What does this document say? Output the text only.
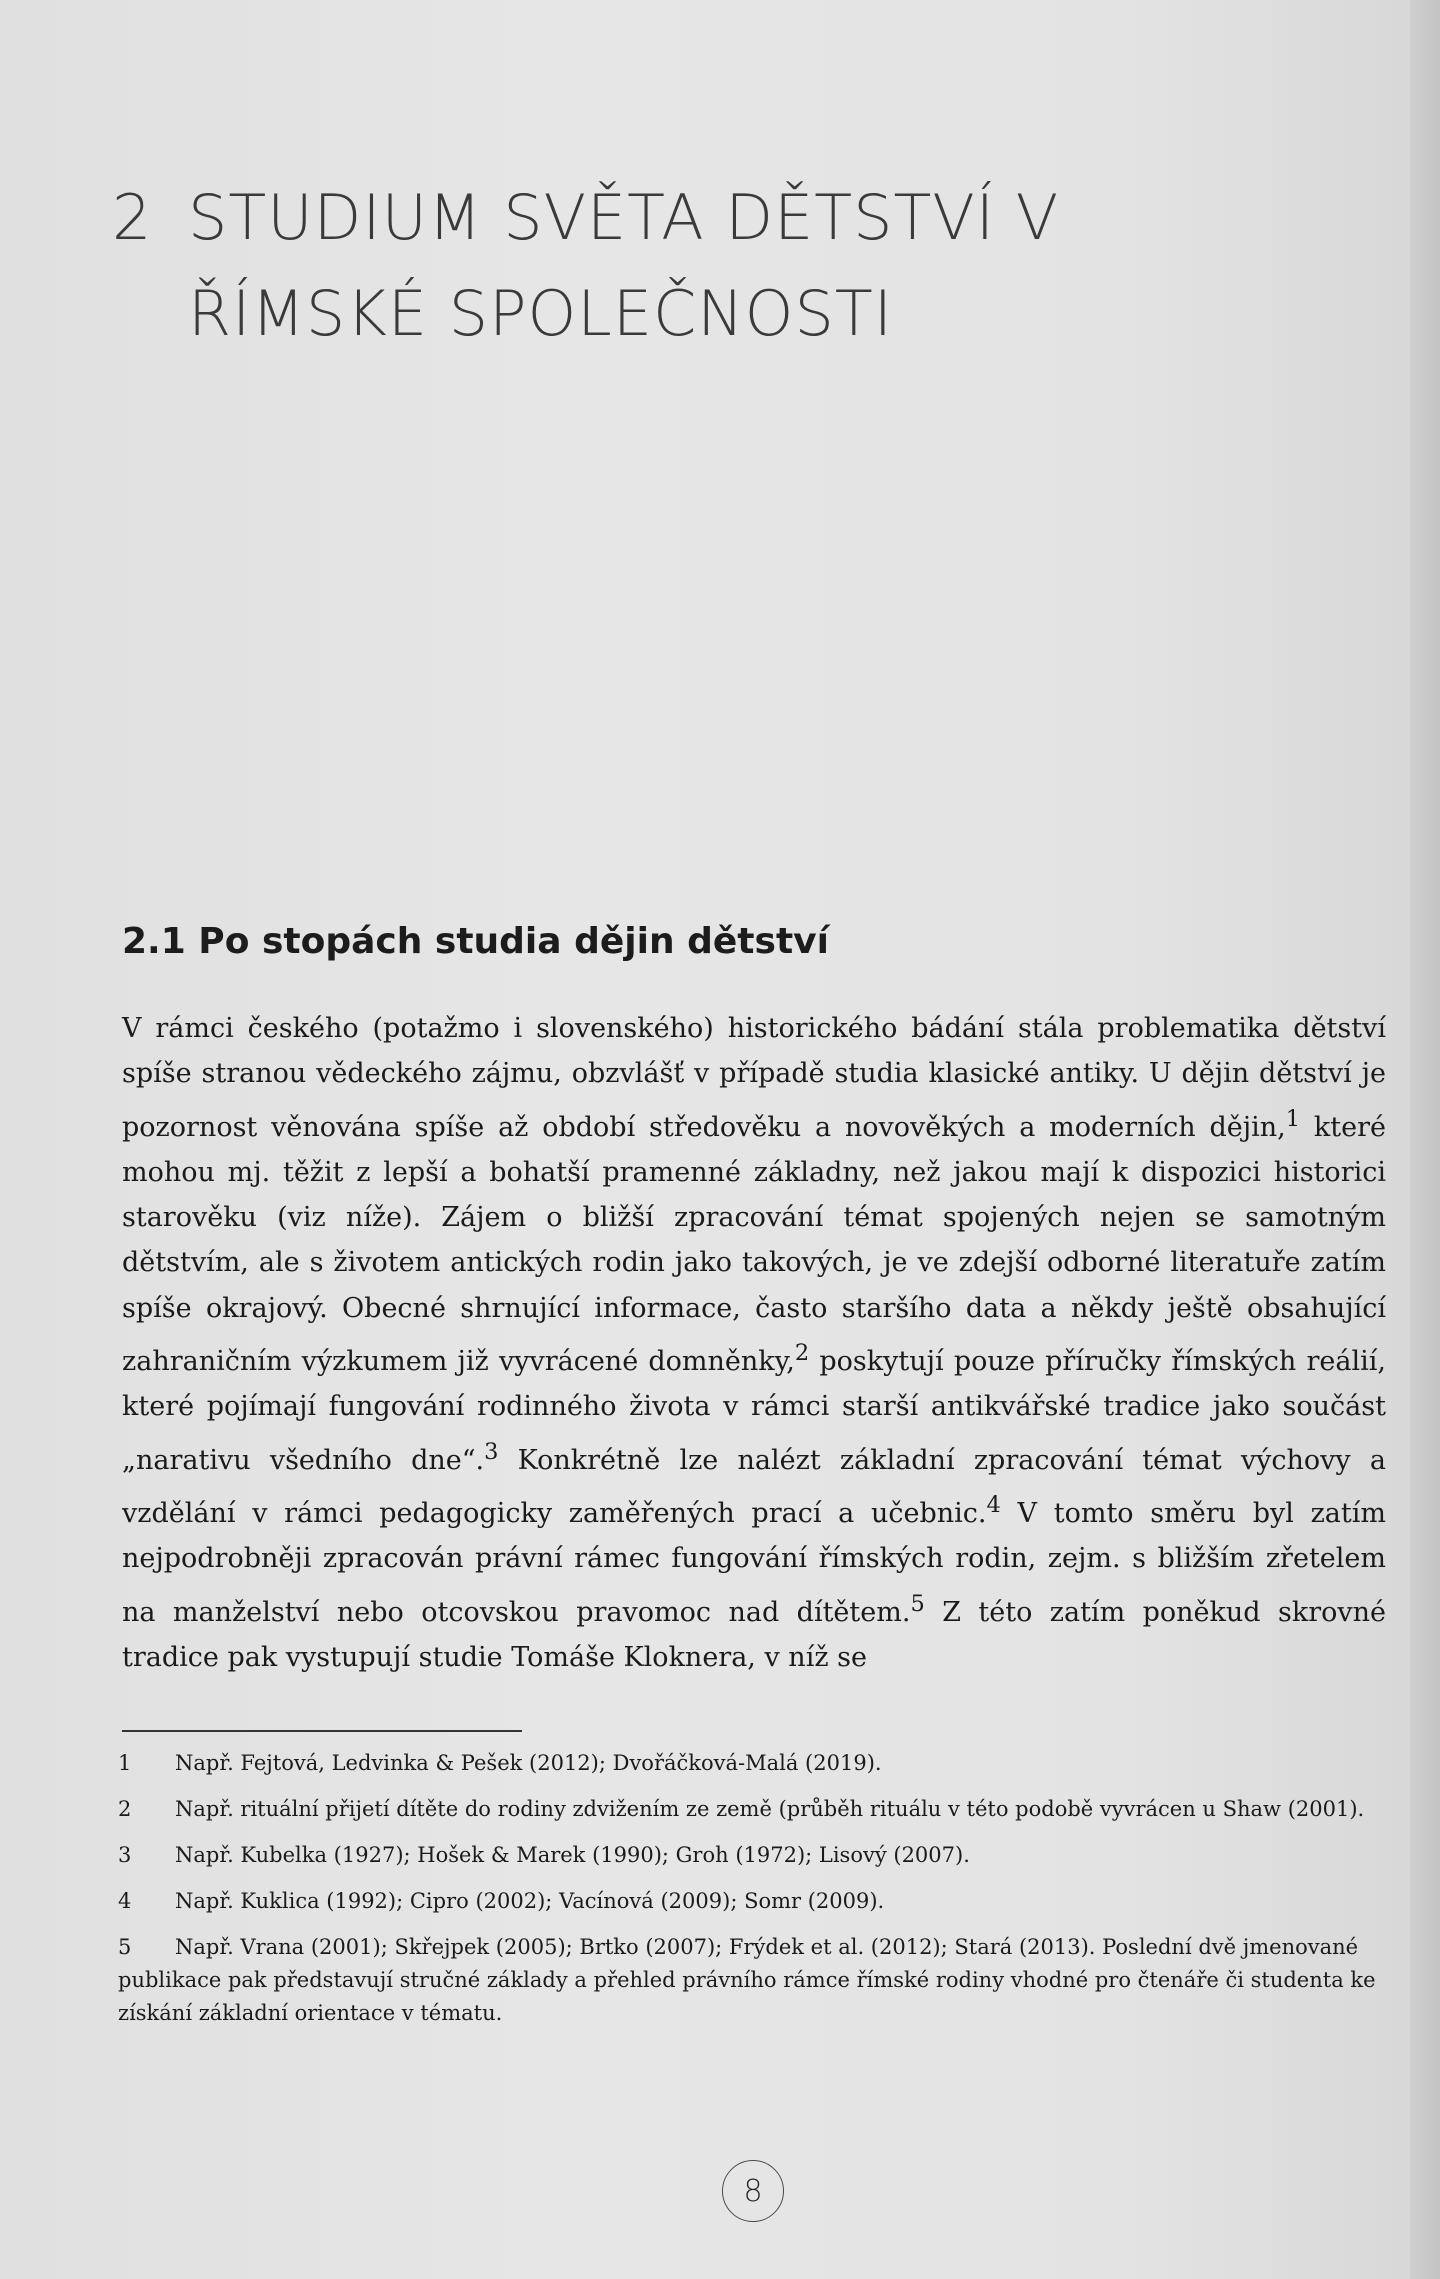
2 STUDIUM SVĚTA DĚTSTVÍ V ŘÍMSKÉ SPOLEČNOSTI
2.1 Po stopách studia dějin dětství

V rámci českého (potažmo i slovenského) historického bádání stála problematika dětství spíše stranou vědeckého zájmu, obzvlášť v případě studia klasické antiky. U dějin dětství je pozornost věnována spíše až období středověku a novověkých a moderních dějin,$^1$ které mohou mj. těžit z lepší a bohatší pramenné základny, než jakou mají k dispozici historici starověku (viz níže). Zájem o bližší zpracování témat spojených nejen se samotným dětstvím, ale s životem antických rodin jako takových, je ve zdejší odborné literatuře zatím spíše okrajový. Obecné shrnující informace, často staršího data a někdy ještě obsahující zahraničním výzkumem již vyvrácené domněnky,$^2$ poskytují pouze příručky římských reálií, které pojímají fungování rodinného života v rámci starší antikvářské tradice jako součást „narativu všedního dne“.$^3$ Konkrétně lze nalézt základní zpracování témat výchovy a vzdělání v rámci pedagogicky zaměřených prací a učebnic.$^4$ V tomto směru byl zatím nejpodrobněji zpracován právní rámec fungování římských rodin, zejm. s bližším zřetelem na manželství nebo otcovskou pravomoc nad dítětem.$^5$ Z této zatím poněkud skrovné tradice pak vystupují studie Tomáše Kloknera, v níž se

1 Např. Fejtová, Ledvinka & Pešek (2012); Dvořáčková-Malá (2019).
2 Např. rituální přijetí dítěte do rodiny zdvižením ze země (průběh rituálu v této podobě vyvrácen u Shaw (2001).
3 Např. Kubelka (1927); Hošek & Marek (1990); Groh (1972); Lisový (2007).
4 Např. Kuklica (1992); Cipro (2002); Vacínová (2009); Somr (2009).
5 Např. Vrana (2001); Skřejpek (2005); Brtko (2007); Frýdek et al. (2012); Stará (2013). Poslední dvě jmenované publikace pak představují stručné základy a přehled právního rámce římské rodiny vhodné pro čtenáře či studenta ke získání základní orientace v tématu.
8
